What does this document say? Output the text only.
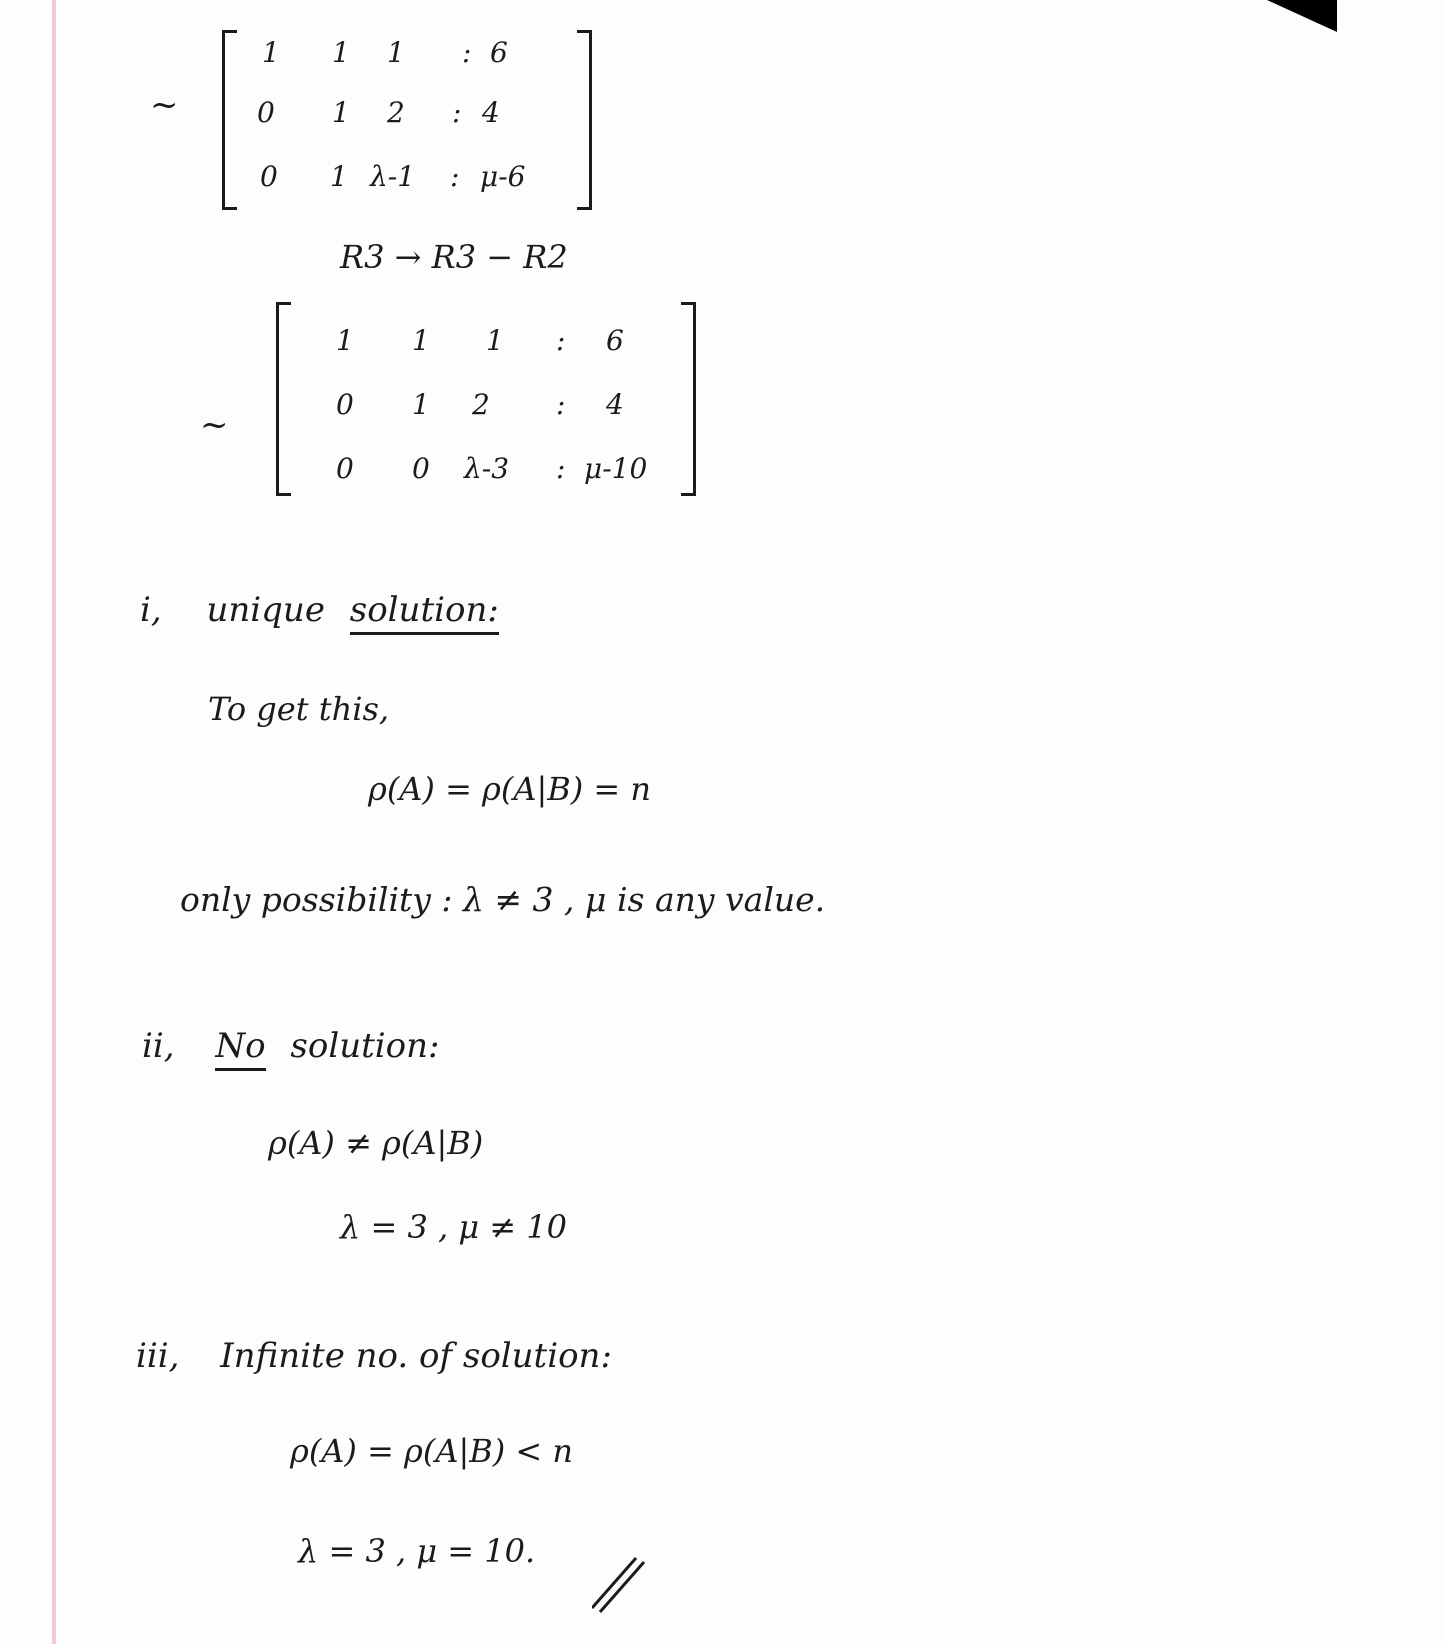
~
1 1 1 : 6
0 1 2 : 4
0 1 λ-1 : μ-6
R3 → R3 − R2
~
1 1 1 : 6
0 1 2 : 4
0 0 λ-3 : μ-10
i, unique solution:
To get this,
ρ(A) = ρ(A|B) = n
only possibility : λ ≠ 3 , μ is any value.
ii, No solution:
ρ(A) ≠ ρ(A|B)
λ = 3 , μ ≠ 10
iii, Infinite no. of solution:
ρ(A) = ρ(A|B) < n
λ = 3 , μ = 10.
